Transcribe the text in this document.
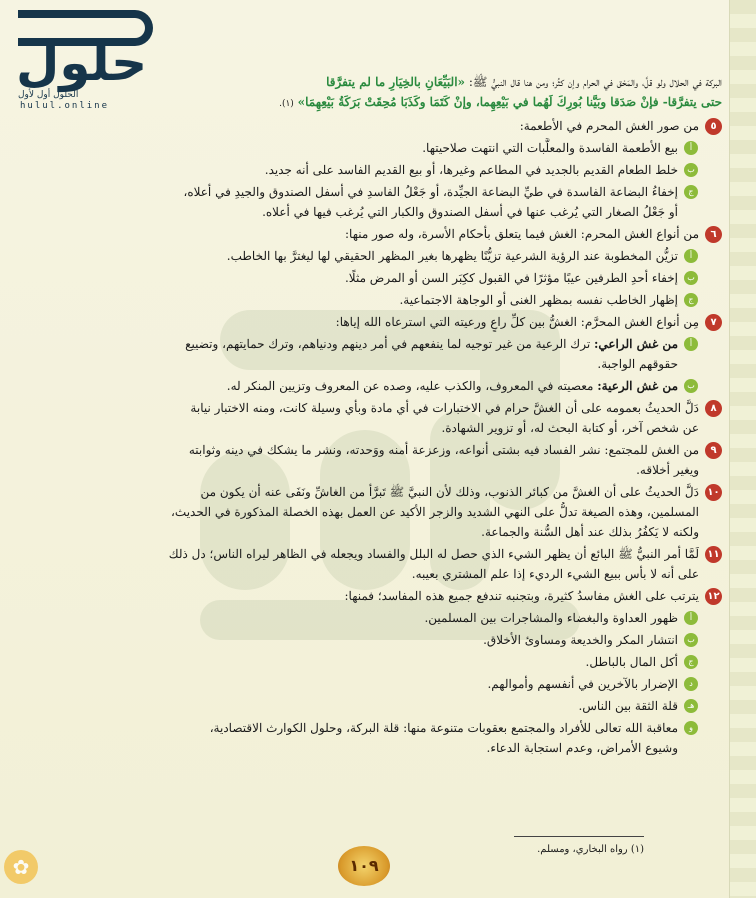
حلول
الحلول أول لأول
hulul.online
البركة في الحلال ولو قلَّ، والمَحْق في الحرام وإن كثُر؛ ومن هنا قال النبيُّ ﷺ: «البَيِّعَانِ بالخِيَارِ ما لم يتفرَّقا
حتى يتفرَّقا- فإنْ صَدَقا وبَيَّنا بُورِكَ لَهُما في بَيْعِهِما، وإنْ كَتَمَا وكَذَبَا مُحِقَتْ بَرَكَةُ بَيْعِهِمَا» (١).
٥
من صور الغش المحرم في الأطعمة:
أ
بيع الأطعمة الفاسدة والمعلَّبات التي انتهت صلاحيتها.
ب
خلط الطعام القديم بالجديد في المطاعم وغيرها، أو بيع القديم الفاسد على أنه جديد.
ج
إخفاءُ البضاعة الفاسدة في طيِّ البضاعة الجيِّدة، أو جَعْلُ الفاسدِ في أسفل الصندوق والجيدِ في أعلاه،
أو جَعْلُ الصغار التي يُرغب عنها في أسفل الصندوق والكبار التي يُرغب فيها في أعلاه.
٦
من أنواع الغش المحرم: الغش فيما يتعلق بأحكام الأسرة، وله صور منها:
أ
تزيُّن المخطوبة عند الرؤية الشرعية تزيُّنًا يظهرها بغير المظهر الحقيقي لها ليغترَّ بها الخاطب.
ب
إخفاء أحدِ الطرفين عيبًا مؤثرًا في القبول ككِبَر السن أو المرض مثلًا.
ج
إظهار الخاطب نفسه بمظهر الغنى أو الوجاهة الاجتماعية.
٧
مِن أنواع الغش المحرَّم: الغشُّ بين كلِّ راعٍ ورعيته التي استرعاه الله إياها:
أ
من غش الراعي: ترك الرعية من غير توجيه لما ينفعهم في أمر دينهم ودنياهم، وترك حمايتهم، وتضييع
حقوقهم الواجبة.
ب
من غش الرعية: معصيته في المعروف، والكذب عليه، وصده عن المعروف وتزيين المنكر له.
٨
دَلَّ الحديثُ بعمومه على أن الغشَّ حرام في الاختبارات في أي مادة وبأي وسيلة كانت، ومنه الاختبار نيابة
عن شخص آخر، أو كتابة البحث له، أو تزوير الشهادة.
٩
من الغش للمجتمع: نشر الفساد فيه بشتى أنواعه، وزعزعة أمنه ووَحدته، ونشر ما يشكك في دينه وثوابته
ويغير أخلاقه.
١٠
دَلَّ الحديثُ على أن الغشَّ من كبائر الذنوب، وذلك لأن النبيَّ ﷺ تَبرَّأ من الغاشِّ ونَفَى عنه أن يكون من
المسلمين، وهذه الصيغة تدلُّ على النهي الشديد والزجر الأكيد عن العمل بهذه الخصلة المذكورة في الحديث،
ولكنه لا يَكفُرُ بذلك عند أهل السُّنة والجماعة.
١١
لَمَّا أمر النبيُّ ﷺ البائع أن يظهر الشيء الذي حصل له البلل والفساد ويجعله في الظاهر ليراه الناس؛ دل ذلك
على أنه لا بأس ببيع الشيء الرديء إذا علم المشتري بعيبه.
١٢
يترتب على الغش مفاسدُ كثيرة، وبتجنبه تندفع جميع هذه المفاسد؛ فمنها:
أ
ظهور العداوة والبغضاء والمشاجرات بين المسلمين.
ب
انتشار المكر والخديعة ومساوئ الأخلاق.
ج
أكل المال بالباطل.
د
الإضرار بالآخرين في أنفسهم وأموالهم.
هـ
قلة الثقة بين الناس.
و
معاقبة الله تعالى للأفراد والمجتمع بعقوبات متنوعة منها: قلة البركة، وحلول الكوارث الاقتصادية،
وشيوع الأمراض، وعدم استجابة الدعاء.
(١) رواه البخاري، ومسلم.
١٠٩
✿
